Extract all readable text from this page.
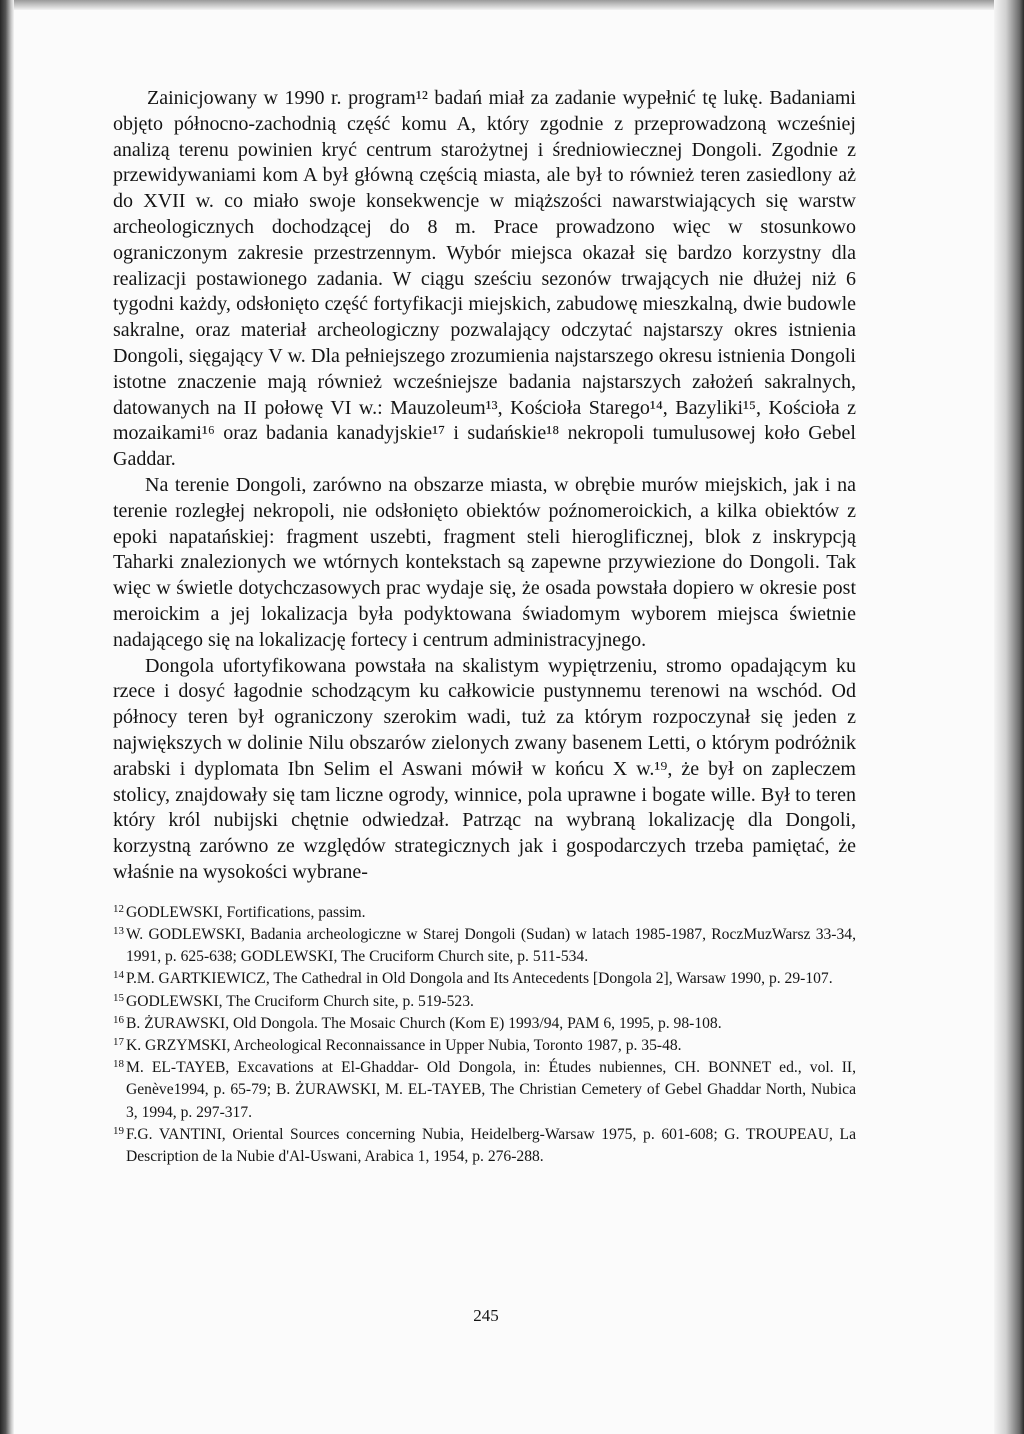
Zainicjowany w 1990 r. program¹² badań miał za zadanie wypełnić tę lukę. Badaniami objęto północno-zachodnią część komu A, który zgodnie z przeprowadzoną wcześniej analizą terenu powinien kryć centrum starożytnej i średniowiecznej Dongoli. Zgodnie z przewidywaniami kom A był główną częścią miasta, ale był to również teren zasiedlony aż do XVII w. co miało swoje konsekwencje w miąższości nawarstwiających się warstw archeologicznych dochodzącej do 8 m. Prace prowadzono więc w stosunkowo ograniczonym zakresie przestrzennym. Wybór miejsca okazał się bardzo korzystny dla realizacji postawionego zadania. W ciągu sześciu sezonów trwających nie dłużej niż 6 tygodni każdy, odsłonięto część fortyfikacji miejskich, zabudowę mieszkalną, dwie budowle sakralne, oraz materiał archeologiczny pozwalający odczytać najstarszy okres istnienia Dongoli, sięgający V w. Dla pełniejszego zrozumienia najstarszego okresu istnienia Dongoli istotne znaczenie mają również wcześniejsze badania najstarszych założeń sakralnych, datowanych na II połowę VI w.: Mauzoleum¹³, Kościoła Starego¹⁴, Bazyliki¹⁵, Kościoła z mozaikami¹⁶ oraz badania kanadyjskie¹⁷ i sudańskie¹⁸ nekropoli tumulusowej koło Gebel Gaddar.

Na terenie Dongoli, zarówno na obszarze miasta, w obrębie murów miejskich, jak i na terenie rozległej nekropoli, nie odsłonięto obiektów poźnomeroickich, a kilka obiektów z epoki napatańskiej: fragment uszebti, fragment steli hieroglificznej, blok z inskrypcją Taharki znalezionych we wtórnych kontekstach są zapewne przywiezione do Dongoli. Tak więc w świetle dotychczasowych prac wydaje się, że osada powstała dopiero w okresie post meroickim a jej lokalizacja była podyktowana świadomym wyborem miejsca świetnie nadającego się na lokalizację fortecy i centrum administracyjnego.

Dongola ufortyfikowana powstała na skalistym wypiętrzeniu, stromo opadającym ku rzece i dosyć łagodnie schodzącym ku całkowicie pustynnemu terenowi na wschód. Od północy teren był ograniczony szerokim wadi, tuż za którym rozpoczynał się jeden z największych w dolinie Nilu obszarów zielonych zwany basenem Letti, o którym podróżnik arabski i dyplomata Ibn Selim el Aswani mówił w końcu X w.¹⁹, że był on zapleczem stolicy, znajdowały się tam liczne ogrody, winnice, pola uprawne i bogate wille. Był to teren który król nubijski chętnie odwiedzał. Patrząc na wybraną lokalizację dla Dongoli, korzystną zarówno ze względów strategicznych jak i gospodarczych trzeba pamiętać, że właśnie na wysokości wybrane-

12 GODLEWSKI, Fortifications, passim.
13 W. GODLEWSKI, Badania archeologiczne w Starej Dongoli (Sudan) w latach 1985-1987, RoczMuzWarsz 33-34, 1991, p. 625-638; GODLEWSKI, The Cruciform Church site, p. 511-534.
14 P.M. GARTKIEWICZ, The Cathedral in Old Dongola and Its Antecedents [Dongola 2], Warsaw 1990, p. 29-107.
15 GODLEWSKI, The Cruciform Church site, p. 519-523.
16 B. ŻURAWSKI, Old Dongola. The Mosaic Church (Kom E) 1993/94, PAM 6, 1995, p. 98-108.
17 K. GRZYMSKI, Archeological Reconnaissance in Upper Nubia, Toronto 1987, p. 35-48.
18 M. EL-TAYEB, Excavations at El-Ghaddar- Old Dongola, in: Études nubiennes, CH. BONNET ed., vol. II, Genève1994, p. 65-79; B. ŻURAWSKI, M. EL-TAYEB, The Christian Cemetery of Gebel Ghaddar North, Nubica 3, 1994, p. 297-317.
19 F.G. VANTINI, Oriental Sources concerning Nubia, Heidelberg-Warsaw 1975, p. 601-608; G. TROUPEAU, La Description de la Nubie d'Al-Uswani, Arabica 1, 1954, p. 276-288.
245
